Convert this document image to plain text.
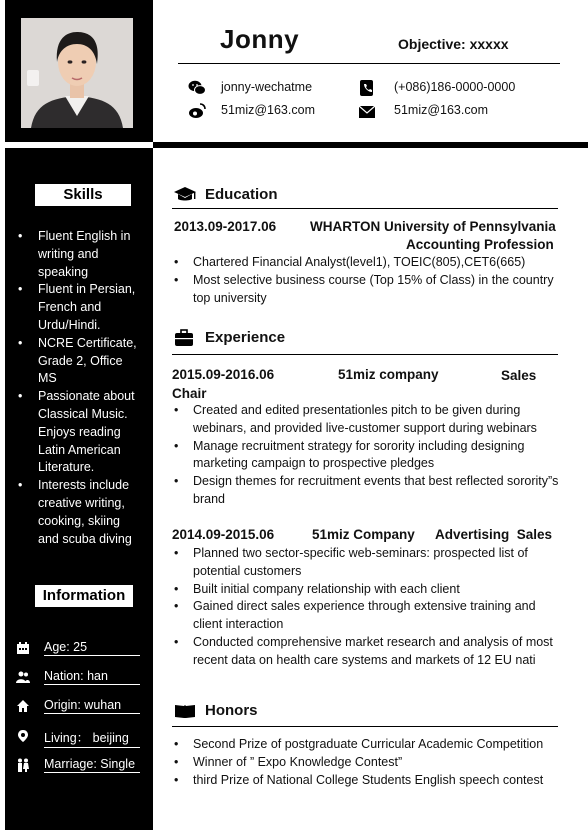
Skills
• Fluent English in writing and speaking
• Fluent in Persian, French and Urdu/Hindi.
• NCRE Certificate, Grade 2, Office MS
• Passionate about Classical Music. Enjoys reading Latin American Literature.
• Interests include creative writing, cooking, skiing and scuba diving
Information
Age: 25
Nation: han
Origin: wuhan
Living： beijing
Marriage: Single
Jonny	Objective: xxxxx
jonny-wechatme	(+086)186-0000-0000
51miz@163.com	51miz@163.com
Education
2013.09-2017.06	WHARTON University of Pennsylvania
Accounting Profession
• Chartered Financial Analyst(level1), TOEIC(805),CET6(665)
• Most selective business course (Top 15% of Class) in the country top university
Experience
2015.09-2016.06	51miz company	Sales Chair
• Created and edited presentationles pitch to be given during webinars, and provided live-customer support during webinars
• Manage recruitment strategy for sorority including designing marketing campaign to prospective pledges
• Design themes for recruitment events that best reflected sorority”s brand
2014.09-2015.06	51miz Company Advertising  Sales
• Planned two sector-specific web-seminars: prospected list of potential customers
• Built initial company relationship with each client
• Gained direct sales experience through extensive training and client interaction
• Conducted comprehensive market research and analysis of most recent data on health care systems and markets of 12 EU nati
Honors
• Second Prize of postgraduate Curricular Academic Competition
• Winner of ” Expo Knowledge Contest”
• third Prize of National College Students English speech contest
